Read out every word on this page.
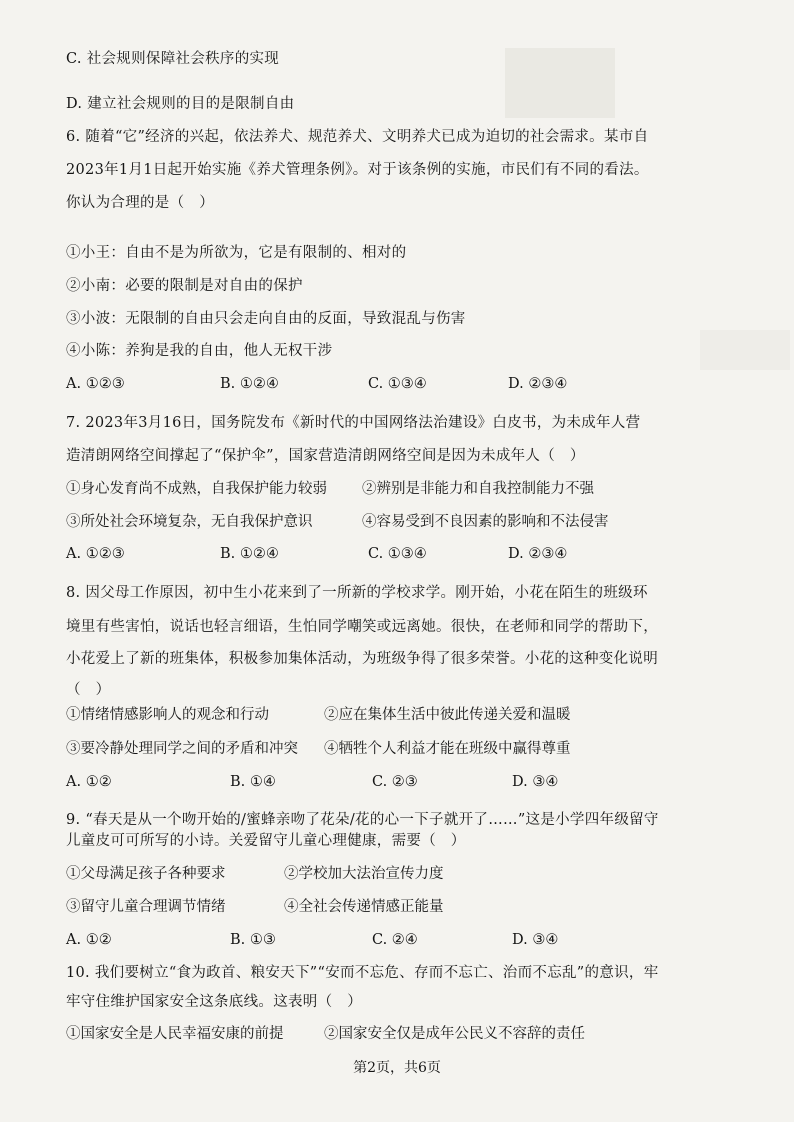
C. 社会规则保障社会秩序的实现
D. 建立社会规则的目的是限制自由
6. 随着“它”经济的兴起，依法养犬、规范养犬、文明养犬已成为迫切的社会需求。某市自
2023年1月1日起开始实施《养犬管理条例》。对于该条例的实施，市民们有不同的看法。
你认为合理的是（　）
①小王：自由不是为所欲为，它是有限制的、相对的
②小南：必要的限制是对自由的保护
③小波：无限制的自由只会走向自由的反面，导致混乱与伤害
④小陈：养狗是我的自由，他人无权干涉
A. ①②③	B. ①②④	C. ①③④	D. ②③④
7. 2023年3月16日，国务院发布《新时代的中国网络法治建设》白皮书，为未成年人营
造清朗网络空间撑起了“保护伞”，国家营造清朗网络空间是因为未成年人（　）
①身心发育尚不成熟，自我保护能力较弱 ②辨别是非能力和自我控制能力不强
③所处社会环境复杂，无自我保护意识	④容易受到不良因素的影响和不法侵害
A. ①②③	B. ①②④	C. ①③④	D. ②③④
8. 因父母工作原因，初中生小花来到了一所新的学校求学。刚开始，小花在陌生的班级环
境里有些害怕，说话也轻言细语，生怕同学嘲笑或远离她。很快，在老师和同学的帮助下，
小花爱上了新的班集体，积极参加集体活动，为班级争得了很多荣誉。小花的这种变化说明
（　）
①情绪情感影响人的观念和行动	②应在集体生活中彼此传递关爱和温暖
③要冷静处理同学之间的矛盾和冲突 ④牺牲个人利益才能在班级中赢得尊重
A. ①②	B. ①④	C. ②③	D. ③④
9. “春天是从一个吻开始的/蜜蜂亲吻了花朵/花的心一下子就开了……”这是小学四年级留守
儿童皮可可所写的小诗。关爱留守儿童心理健康，需要（　）
①父母满足孩子各种要求	②学校加大法治宣传力度
③留守儿童合理调节情绪	④全社会传递情感正能量
A. ①②	B. ①③	C. ②④	D. ③④
10. 我们要树立“食为政首、粮安天下”“安而不忘危、存而不忘亡、治而不忘乱”的意识，牢
牢守住维护国家安全这条底线。这表明（　）
①国家安全是人民幸福安康的前提	②国家安全仅是成年公民义不容辞的责任
第2页，共6页
